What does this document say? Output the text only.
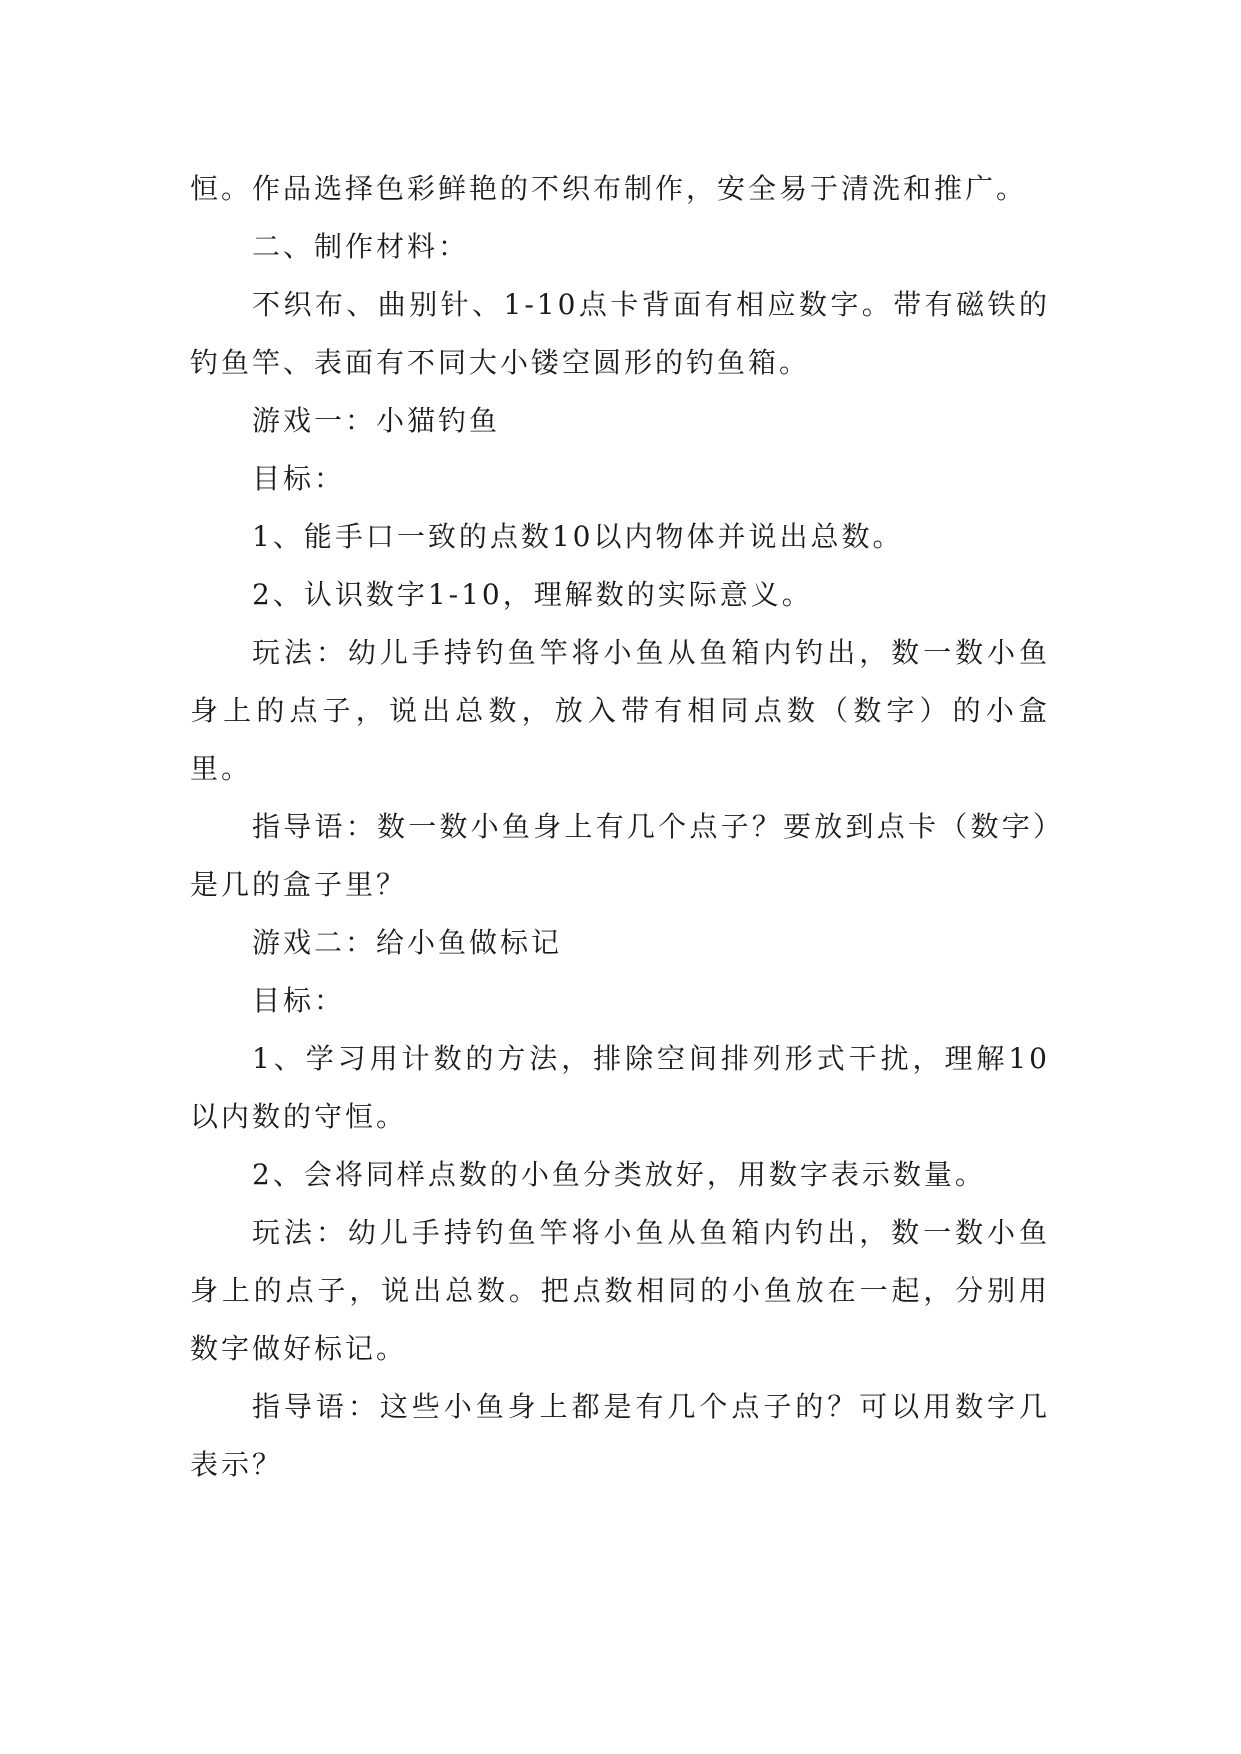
恒。作品选择色彩鲜艳的不织布制作，安全易于清洗和推广。

二、制作材料：

不织布、曲别针、1-10点卡背面有相应数字。带有磁铁的钓鱼竿、表面有不同大小镂空圆形的钓鱼箱。

游戏一：小猫钓鱼

目标：

1、能手口一致的点数10以内物体并说出总数。

2、认识数字1-10，理解数的实际意义。

玩法：幼儿手持钓鱼竿将小鱼从鱼箱内钓出，数一数小鱼身上的点子，说出总数，放入带有相同点数（数字）的小盒里。

指导语：数一数小鱼身上有几个点子？要放到点卡（数字）是几的盒子里？

游戏二：给小鱼做标记

目标：

1、学习用计数的方法，排除空间排列形式干扰，理解10以内数的守恒。

2、会将同样点数的小鱼分类放好，用数字表示数量。

玩法：幼儿手持钓鱼竿将小鱼从鱼箱内钓出，数一数小鱼身上的点子，说出总数。把点数相同的小鱼放在一起，分别用数字做好标记。

指导语：这些小鱼身上都是有几个点子的？可以用数字几表示？
